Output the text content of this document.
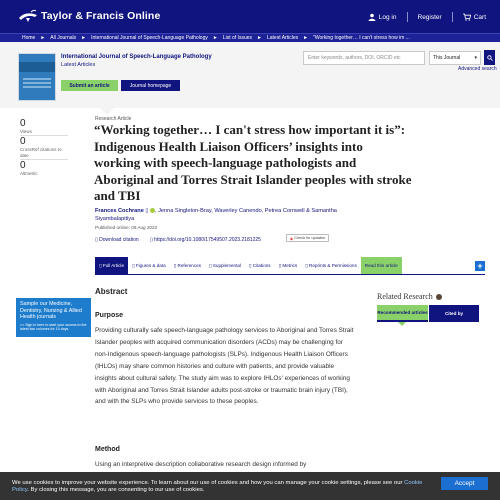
Taylor & Francis Online	Log in	Register	Cart
Home ► All Journals ► International Journal of Speech-Language Pathology ► List of Issues ► Latest Articles ► "Working together… I can't stress how im ...
International Journal of Speech-Language Pathology
Latest Articles
Submit an article	Journal homepage
Enter keywords, authors, DOI, ORCID etc	This Journal	▾
Advanced search
0
Views
0
CrossRef citations to date
0
Altmetric
Research Article
“Working together… I can't stress how important it is”: Indigenous Health Liaison Officers’ insights into working with speech-language pathologists and Aboriginal and Torres Strait Islander peoples with stroke and TBI
Frances Cochrane ▯ , Jenna Singleton-Bray, Waverley Canendo, Petrea Cornwell & Samantha Siyambalapitiya
Published online: 09 Aug 2023
▯ Download citation ▯ https://doi.org/10.1080/17549507.2023.2181225	◉ Check for updates
▯ Full Article	▯ Figures & data	▯ References	▯ Supplemental	▯ Citations	▯ Metrics	▯ Reprints & Permissions Read this article	+
Sample our Medicine, Dentistry, Nursing & Allied Health journals
>> Sign in here to start your access to the latest two volumes for 14 days
Abstract
Purpose
Providing culturally safe speech-language pathology services to Aboriginal and Torres Strait Islander peoples with acquired communication disorders (ACDs) may be challenging for non-Indigenous speech-language pathologists (SLPs). Indigenous Health Liaison Officers (IHLOs) may share common histories and culture with patients, and provide valuable insights about cultural safety. The study aim was to explore IHLOs' experiences of working with Aboriginal and Torres Strait Islander adults post-stroke or traumatic brain injury (TBI), and with the SLPs who provide services to these peoples.
Method
Using an interpretive description collaborative research design informed by
Related Research
Recommended articles	Cited by
We use cookies to improve your website experience. To learn about our use of cookies and how you can manage your cookie settings, please see our Cookie Policy. By closing this message, you are consenting to our use of cookies.
Accept
